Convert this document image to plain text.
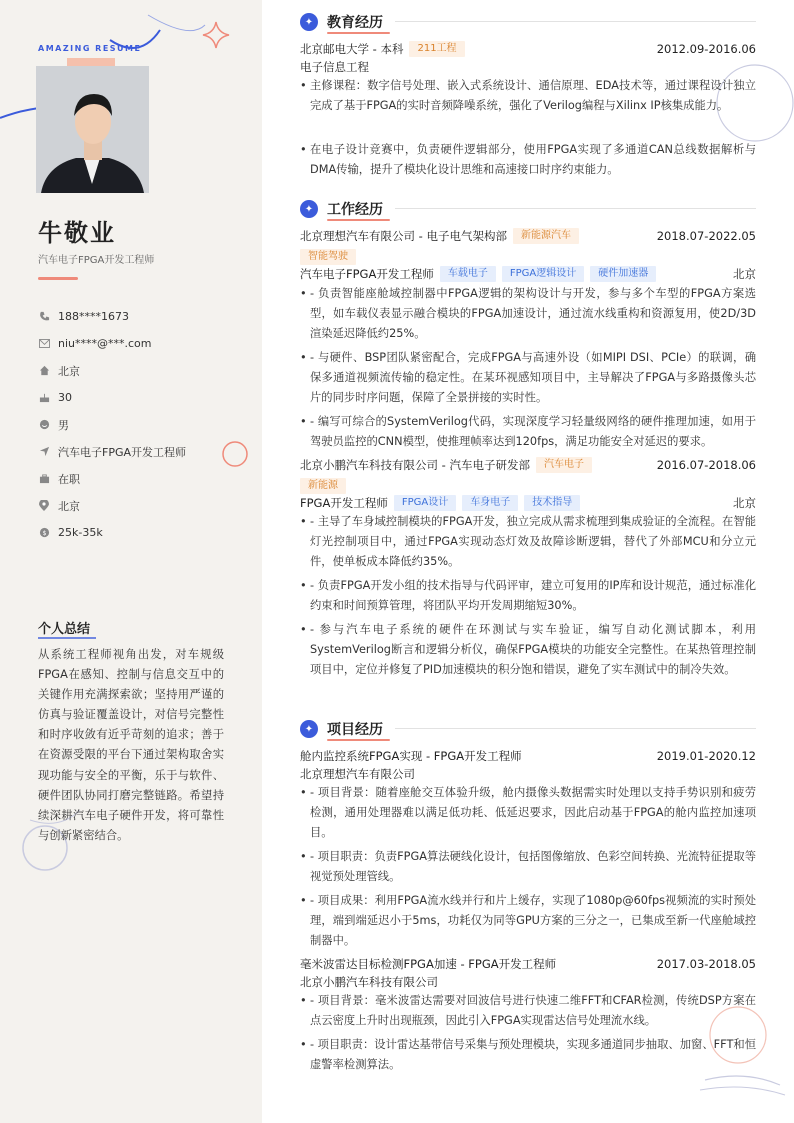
AMAZING RESUME
牛敬业
汽车电子FPGA开发工程师
188****1673
niu****@***.com
北京
30
男
汽车电子FPGA开发工程师
在职
北京
$ 25k-35k
个人总结
从系统工程师视角出发，对车规级FPGA在感知、控制与信息交互中的关键作用充满探索欲；坚持用严谨的仿真与验证覆盖设计，对信号完整性和时序收敛有近乎苛刻的追求；善于在资源受限的平台下通过架构取舍实现功能与安全的平衡，乐于与软件、硬件团队协同打磨完整链路。希望持续深耕汽车电子硬件开发，将可靠性与创新紧密结合。
✦ 教育经历
北京邮电大学 - 本科	211工程	2012.09-2016.06
电子信息工程
• 主修课程：数字信号处理、嵌入式系统设计、通信原理、EDA技术等，通过课程设计独立完成了基于FPGA的实时音频降噪系统，强化了Verilog编程与Xilinx IP核集成能力。
• 在电子设计竞赛中，负责硬件逻辑部分，使用FPGA实现了多通道CAN总线数据解析与DMA传输，提升了模块化设计思维和高速接口时序约束能力。
✦ 工作经历
北京理想汽车有限公司 - 电子电气架构部	新能源汽车	2018.07-2022.05
智能驾驶
汽车电子FPGA开发工程师	车载电子	FPGA逻辑设计	硬件加速器	北京
• - 负责智能座舱域控制器中FPGA逻辑的架构设计与开发，参与多个车型的FPGA方案选型，如车载仪表显示融合模块的FPGA加速设计，通过流水线重构和资源复用，使2D/3D渲染延迟降低约25%。
• - 与硬件、BSP团队紧密配合，完成FPGA与高速外设（如MIPI DSI、PCIe）的联调，确保多通道视频流传输的稳定性。在某环视感知项目中，主导解决了FPGA与多路摄像头芯片的同步时序问题，保障了全景拼接的实时性。
• - 编写可综合的SystemVerilog代码，实现深度学习轻量级网络的硬件推理加速，如用于驾驶员监控的CNN模型，使推理帧率达到120fps，满足功能安全对延迟的要求。
北京小鹏汽车科技有限公司 - 汽车电子研发部	汽车电子	2016.07-2018.06
新能源
FPGA开发工程师	FPGA设计	车身电子	技术指导	北京
• - 主导了车身域控制模块的FPGA开发，独立完成从需求梳理到集成验证的全流程。在智能灯光控制项目中，通过FPGA实现动态灯效及故障诊断逻辑，替代了外部MCU和分立元件，使单板成本降低约35%。
• - 负责FPGA开发小组的技术指导与代码评审，建立可复用的IP库和设计规范，通过标准化约束和时间预算管理，将团队平均开发周期缩短30%。
• - 参与汽车电子系统的硬件在环测试与实车验证，编写自动化测试脚本，利用SystemVerilog断言和逻辑分析仪，确保FPGA模块的功能安全完整性。在某热管理控制项目中，定位并修复了PID加速模块的积分饱和错误，避免了实车测试中的制冷失效。
✦ 项目经历
舱内监控系统FPGA实现 - FPGA开发工程师	2019.01-2020.12
北京理想汽车有限公司
• - 项目背景：随着座舱交互体验升级，舱内摄像头数据需实时处理以支持手势识别和疲劳检测，通用处理器难以满足低功耗、低延迟要求，因此启动基于FPGA的舱内监控加速项目。
• - 项目职责：负责FPGA算法硬线化设计，包括图像缩放、色彩空间转换、光流特征提取等视觉预处理管线。
• - 项目成果：利用FPGA流水线并行和片上缓存，实现了1080p@60fps视频流的实时预处理，端到端延迟小于5ms，功耗仅为同等GPU方案的三分之一，已集成至新一代座舱域控制器中。
毫米波雷达目标检测FPGA加速 - FPGA开发工程师	2017.03-2018.05
北京小鹏汽车科技有限公司
• - 项目背景：毫米波雷达需要对回波信号进行快速二维FFT和CFAR检测，传统DSP方案在点云密度上升时出现瓶颈，因此引入FPGA实现雷达信号处理流水线。
• - 项目职责：设计雷达基带信号采集与预处理模块，实现多通道同步抽取、加窗、FFT和恒虚警率检测算法。
